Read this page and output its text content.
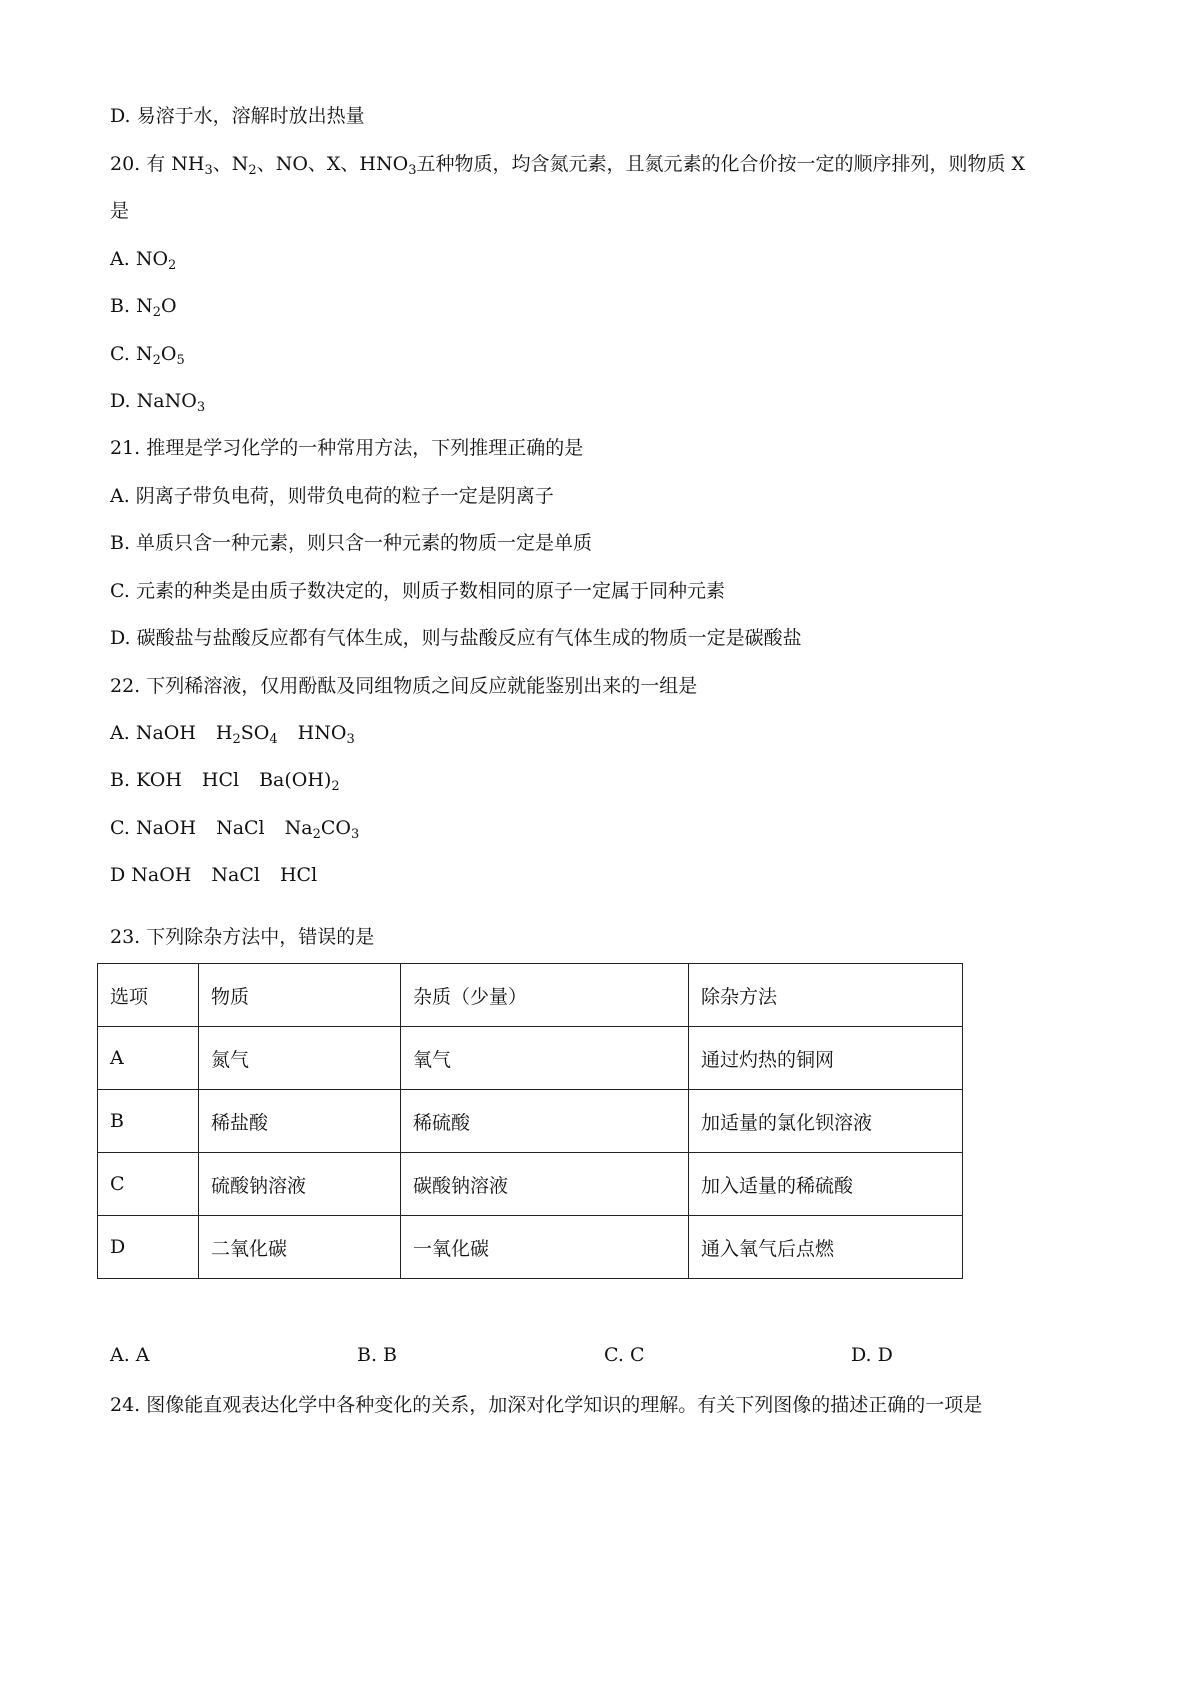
D. 易溶于水，溶解时放出热量
20. 有 $NH_3$、$N_2$、NO、X、$HNO_3$五种物质，均含氮元素，且氮元素的化合价按一定的顺序排列，则物质 X
是
A. $NO_2$
B. $N_2O$
C. $N_2O_5$
D. NaNO$_3$
21. 推理是学习化学的一种常用方法，下列推理正确的是
A. 阴离子带负电荷，则带负电荷的粒子一定是阴离子
B. 单质只含一种元素，则只含一种元素的物质一定是单质
C. 元素的种类是由质子数决定的，则质子数相同的原子一定属于同种元素
D. 碳酸盐与盐酸反应都有气体生成，则与盐酸反应有气体生成的物质一定是碳酸盐
22. 下列稀溶液，仅用酚酞及同组物质之间反应就能鉴别出来的一组是
A. NaOH $H_2SO_4$ $HNO_3$
B. KOH HCl $Ba(OH)_2$
C. NaOH NaCl $Na_2CO_3$
D NaOH NaCl HCl
23. 下列除杂方法中，错误的是
选项	物质	杂质（少量）	除杂方法
A	氮气	氧气	通过灼热的铜网
B	稀盐酸	稀硫酸	加适量的氯化钡溶液
C	硫酸钠溶液	碳酸钠溶液	加入适量的稀硫酸
D	二氧化碳	一氧化碳	通入氧气后点燃
A. A	B. B	C. C	D. D
24. 图像能直观表达化学中各种变化的关系，加深对化学知识的理解。有关下列图像的描述正确的一项是
